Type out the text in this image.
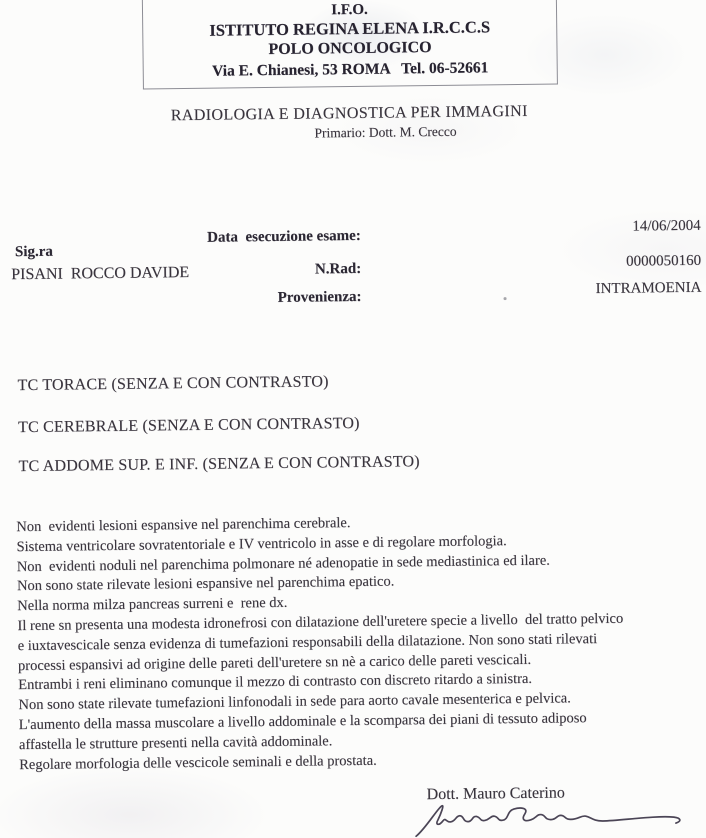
I.F.O.
ISTITUTO REGINA ELENA I.R.C.C.S
POLO ONCOLOGICO
Via E. Chianesi, 53 ROMA   Tel. 06-52661
RADIOLOGIA E DIAGNOSTICA PER IMMAGINI
Primario: Dott. M. Crecco
Data  esecuzione esame:
14/06/2004
Sig.ra
PISANI  ROCCO DAVIDE	N.Rad:	0000050160
Provenienza:
INTRAMOENIA
TC TORACE (SENZA E CON CONTRASTO)
TC CEREBRALE (SENZA E CON CONTRASTO)
TC ADDOME SUP. E INF. (SENZA E CON CONTRASTO)
Non  evidenti lesioni espansive nel parenchima cerebrale.
Sistema ventricolare sovratentoriale e IV ventricolo in asse e di regolare morfologia.
Non  evidenti noduli nel parenchima polmonare né adenopatie in sede mediastinica ed ilare.
Non sono state rilevate lesioni espansive nel parenchima epatico.
Nella norma milza pancreas surreni e  rene dx.
Il rene sn presenta una modesta idronefrosi con dilatazione dell'uretere specie a livello  del tratto pelvico
e iuxtavescicale senza evidenza di tumefazioni responsabili della dilatazione. Non sono stati rilevati
processi espansivi ad origine delle pareti dell'uretere sn nè a carico delle pareti vescicali.
Entrambi i reni eliminano comunque il mezzo di contrasto con discreto ritardo a sinistra.
Non sono state rilevate tumefazioni linfonodali in sede para aorto cavale mesenterica e pelvica.
L'aumento della massa muscolare a livello addominale e la scomparsa dei piani di tessuto adiposo
affastella le strutture presenti nella cavità addominale.
Regolare morfologia delle vescicole seminali e della prostata.
Dott. Mauro Caterino
